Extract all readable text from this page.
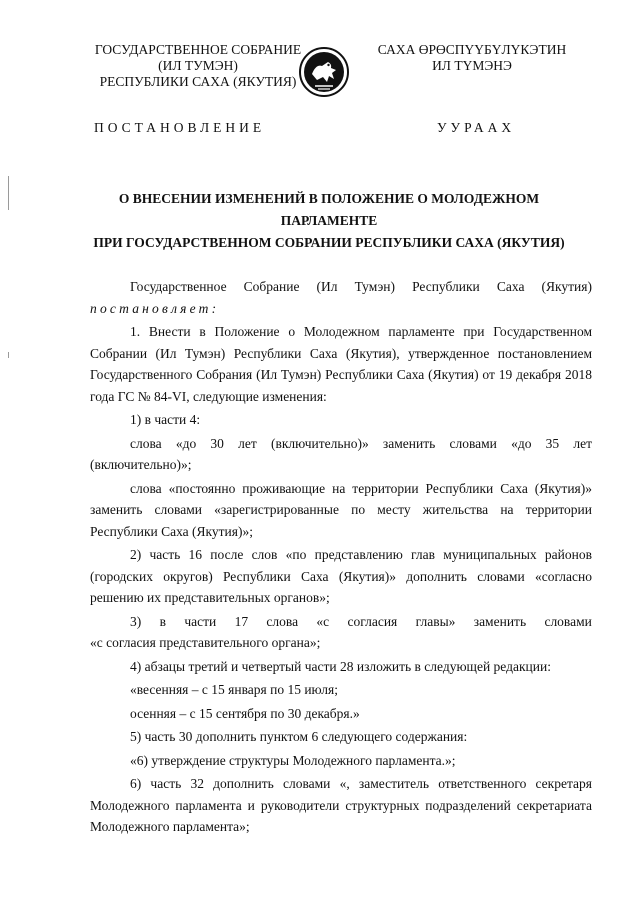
ГОСУДАРСТВЕННОЕ СОБРАНИЕ
(ИЛ ТУМЭН)
РЕСПУБЛИКИ САХА (ЯКУТИЯ)
САХА ӨРӨСПҮҮБҮЛҮКЭТИН
ИЛ ТҮМЭНЭ
ПОСТАНОВЛЕНИЕ	УУРААХ
О ВНЕСЕНИИ ИЗМЕНЕНИЙ В ПОЛОЖЕНИЕ О МОЛОДЕЖНОМ ПАРЛАМЕНТЕ
ПРИ ГОСУДАРСТВЕННОМ СОБРАНИИ РЕСПУБЛИКИ САХА (ЯКУТИЯ)
Государственное Собрание (Ил Тумэн) Республики Саха (Якутия)
постановляет:

1. Внести в Положение о Молодежном парламенте при Государственном Собрании (Ил Тумэн) Республики Саха (Якутия), утвержденное постановлением Государственного Собрания (Ил Тумэн) Республики Саха (Якутия) от 19 декабря 2018 года ГС № 84-VI, следующие изменения:

1) в части 4:

слова «до 30 лет (включительно)» заменить словами «до 35 лет (включительно)»;

слова «постоянно проживающие на территории Республики Саха (Якутия)» заменить словами «зарегистрированные по месту жительства на территории Республики Саха (Якутия)»;

2) часть 16 после слов «по представлению глав муниципальных районов (городских округов) Республики Саха (Якутия)» дополнить словами «согласно решению их представительных органов»;

3) в части 17 слова «с согласия главы» заменить словами
«с согласия представительного органа»;

4) абзацы третий и четвертый части 28 изложить в следующей редакции:

«весенняя – с 15 января по 15 июля;

осенняя – с 15 сентября по 30 декабря.»

5) часть 30 дополнить пунктом 6 следующего содержания:

«6) утверждение структуры Молодежного парламента.»;

6) часть 32 дополнить словами «, заместитель ответственного секретаря Молодежного парламента и руководители структурных подразделений секретариата Молодежного парламента»;
